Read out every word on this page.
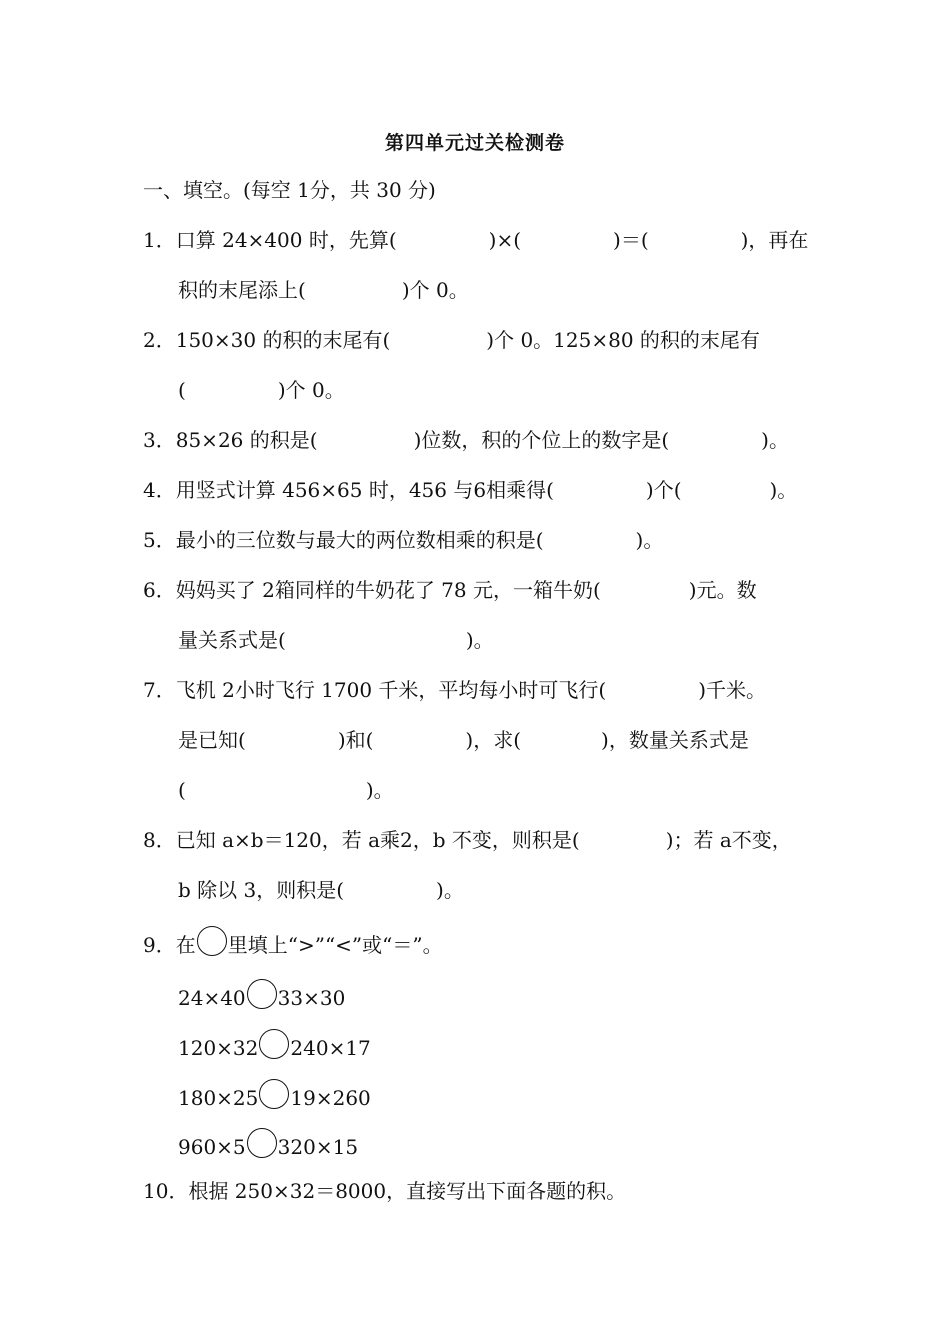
第四单元过关检测卷
一、填空。(每空 1分，共 30 分)
1．口算 24×400 时，先算(	)×(	)＝(	)，再在
积的末尾添上(	)个 0。
2．150×30 的积的末尾有(	)个 0。125×80 的积的末尾有
(	)个 0。
3．85×26 的积是(	)位数，积的个位上的数字是(	)。
4．用竖式计算 456×65 时，456 与6相乘得(	)个(	)。
5．最小的三位数与最大的两位数相乘的积是(	)。
6．妈妈买了 2箱同样的牛奶花了 78 元，一箱牛奶(	)元。数
量关系式是(	)。
7．飞机 2小时飞行 1700 千米，平均每小时可飞行(	)千米。
是已知(	)和(	)，求(	)，数量关系式是
(	)。
8．已知 a×b＝120，若 a乘2，b 不变，则积是(	)；若 a不变，
b 除以 3，则积是(	)。
9．在 里填上“>”“<”或“＝”。
24×40 33×30
120×32 240×17
180×25 19×260
960×5 320×15
10．根据 250×32＝8000，直接写出下面各题的积。
